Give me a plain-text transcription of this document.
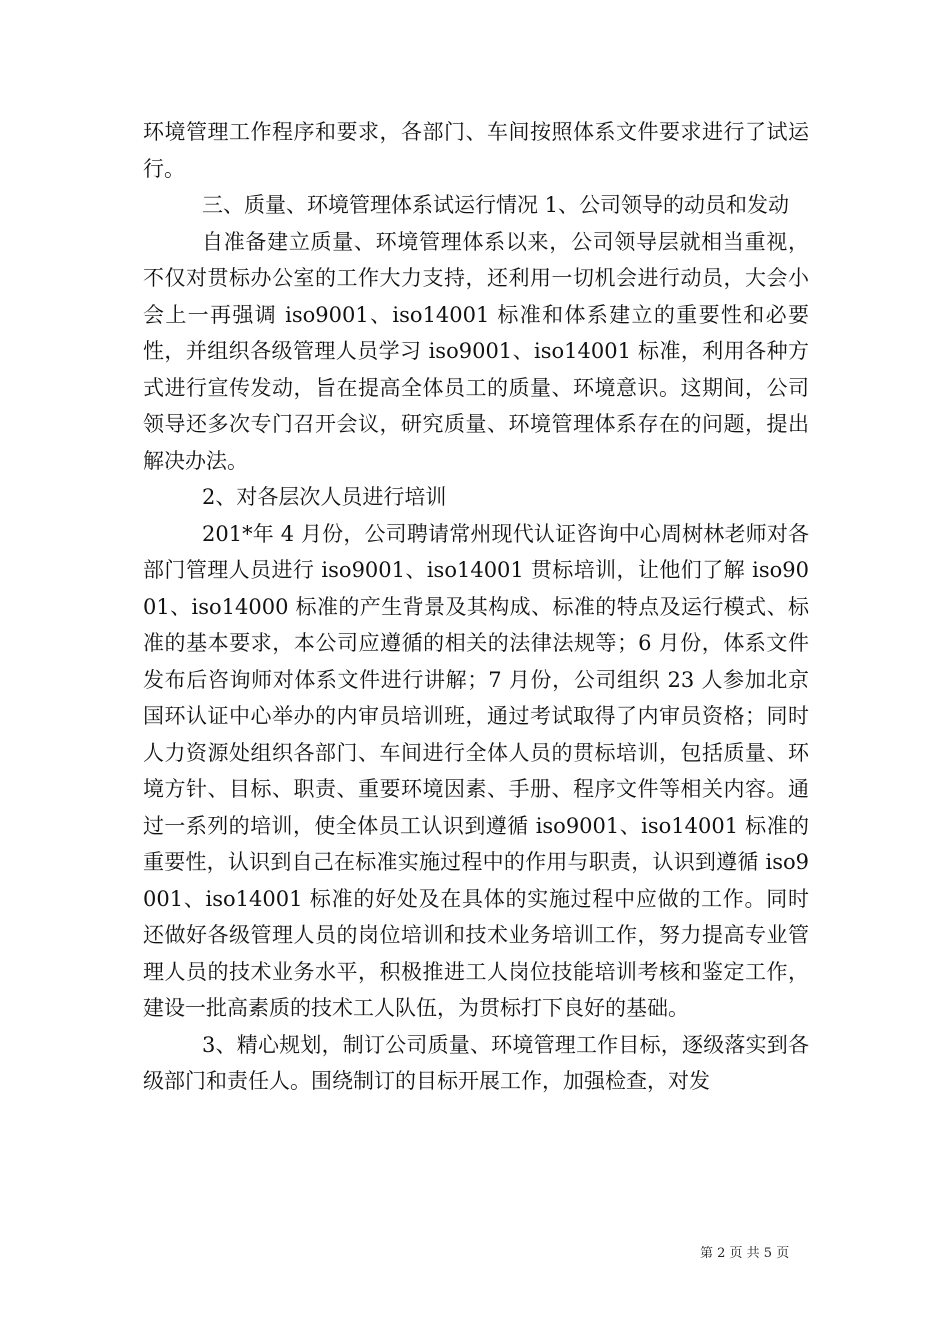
环境管理工作程序和要求，各部门、车间按照体系文件要求进行了试运行。

三、质量、环境管理体系试运行情况 1、公司领导的动员和发动

自准备建立质量、环境管理体系以来，公司领导层就相当重视，不仅对贯标办公室的工作大力支持，还利用一切机会进行动员，大会小会上一再强调 iso9001、iso14001 标准和体系建立的重要性和必要性，并组织各级管理人员学习 iso9001、iso14001 标准，利用各种方式进行宣传发动，旨在提高全体员工的质量、环境意识。这期间，公司领导还多次专门召开会议，研究质量、环境管理体系存在的问题，提出解决办法。

2、对各层次人员进行培训

201*年 4 月份，公司聘请常州现代认证咨询中心周树林老师对各部门管理人员进行 iso9001、iso14001 贯标培训，让他们了解 iso9001、iso14000 标准的产生背景及其构成、标准的特点及运行模式、标准的基本要求，本公司应遵循的相关的法律法规等；6 月份，体系文件发布后咨询师对体系文件进行讲解；7 月份，公司组织 23 人参加北京国环认证中心举办的内审员培训班，通过考试取得了内审员资格；同时人力资源处组织各部门、车间进行全体人员的贯标培训，包括质量、环境方针、目标、职责、重要环境因素、手册、程序文件等相关内容。通过一系列的培训，使全体员工认识到遵循 iso9001、iso14001 标准的重要性，认识到自己在标准实施过程中的作用与职责，认识到遵循 iso9001、iso14001 标准的好处及在具体的实施过程中应做的工作。同时还做好各级管理人员的岗位培训和技术业务培训工作，努力提高专业管理人员的技术业务水平，积极推进工人岗位技能培训考核和鉴定工作，建设一批高素质的技术工人队伍，为贯标打下良好的基础。

3、精心规划，制订公司质量、环境管理工作目标，逐级落实到各级部门和责任人。围绕制订的目标开展工作，加强检查，对发

第 2 页 共 5 页
